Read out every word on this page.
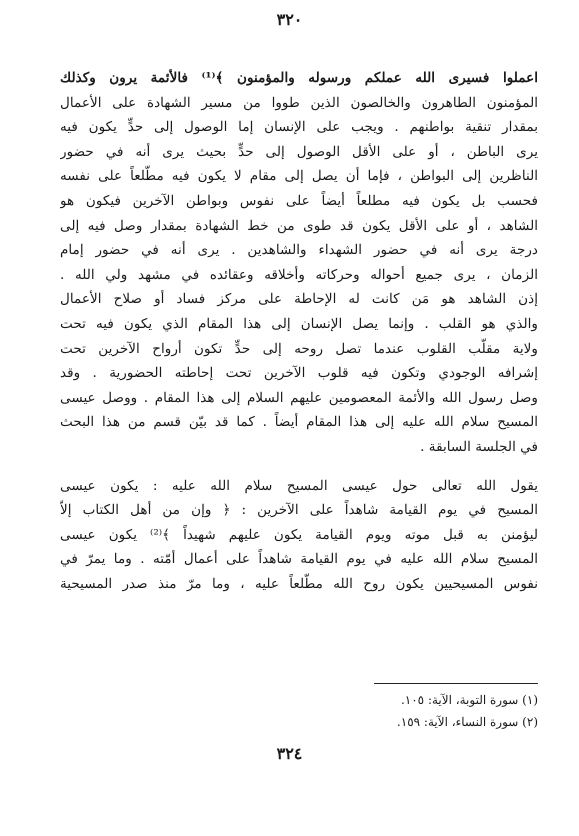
٣٢٠

اعملوا فسيرى الله عملكم ورسوله والمؤمنون ﴾⁽¹⁾ فالأئمة يرون وكذلك
المؤمنون الطاهرون والخالصون الذين طووا من مسير الشهادة على الأعمال
بمقدار تنقية بواطنهم . ويجب على الإنسان إما الوصول إلى حدٍّ يكون فيه
يرى الباطن ، أو على الأقل الوصول إلى حدٍّ بحيث يرى أنه في حضور
الناظرين إلى البواطن ، فإما أن يصل إلى مقام لا يكون فيه مطّلعاً على نفسه
فحسب بل يكون فيه مطلعاً أيضاً على نفوس وبواطن الآخرين فيكون هو
الشاهد ، أو على الأقل يكون قد طوى من خط الشهادة بمقدار وصل فيه إلى
درجة يرى أنه في حضور الشهداء والشاهدين . يرى أنه في حضور إمام
الزمان ، يرى جميع أحواله وحركاته وأخلاقه وعقائده في مشهد ولي الله .
إذن الشاهد هو مَن كانت له الإحاطة على مركز فساد أو صلاح الأعمال
والذي هو القلب . وإنما يصل الإنسان إلى هذا المقام الذي يكون فيه تحت
ولاية مقلّب القلوب عندما تصل روحه إلى حدٍّ تكون أرواح الآخرين تحت
إشرافه الوجودي وتكون فيه قلوب الآخرين تحت إحاطته الحضورية . وقد
وصل رسول الله والأئمة المعصومين عليهم السلام إلى هذا المقام . ووصل عيسى
المسيح سلام الله عليه إلى هذا المقام أيضاً . كما قد بيّن قسم من هذا البحث
في الجلسة السابقة .

يقول الله تعالى حول عيسى المسيح سلام الله عليه : يكون عيسى
المسيح في يوم القيامة شاهداً على الآخرين : ﴿ وإن من أهل الكتاب إلاّ
ليؤمنن به قبل موته ويوم القيامة يكون عليهم شهيداً ﴾⁽²⁾ يكون عيسى
المسيح سلام الله عليه في يوم القيامة شاهداً على أعمال أمّته . وما يمرّ في
نفوس المسيحيين يكون روح الله مطّلعاً عليه ، وما مرّ منذ صدر المسيحية

(١) سورة التوبة، الآية: ١٠٥.
(٢) سورة النساء، الآية: ١٥٩.
٣٢٤
